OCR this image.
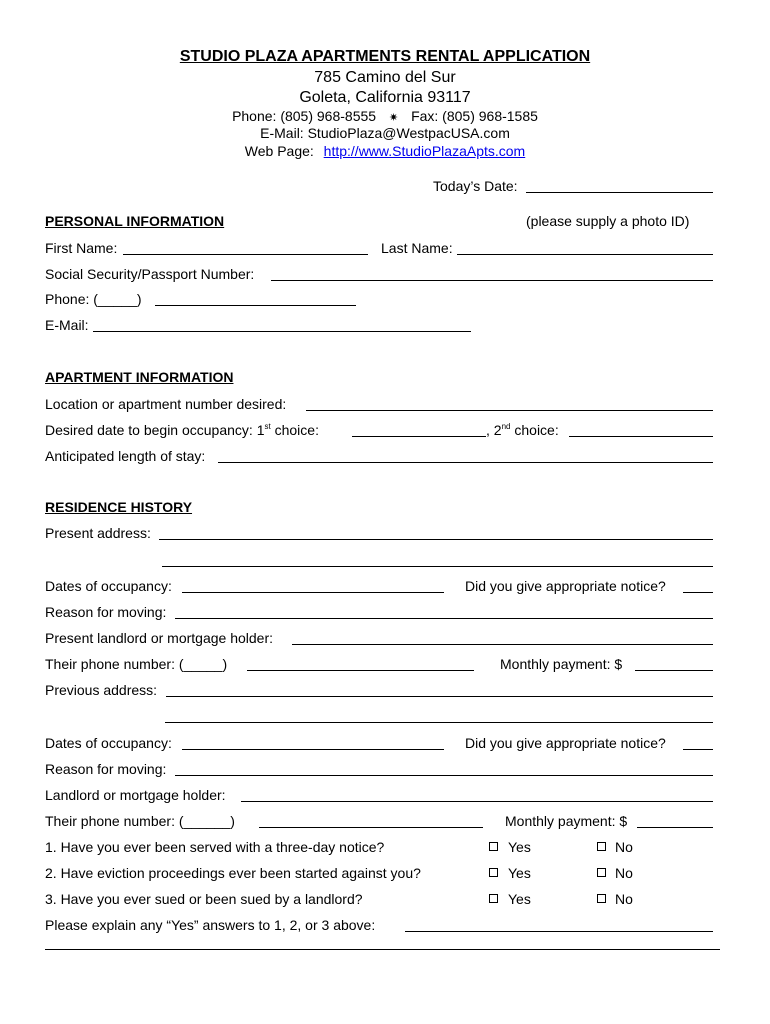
STUDIO PLAZA APARTMENTS RENTAL APPLICATION
785 Camino del Sur
Goleta, California 93117
Phone: (805) 968-8555 ✷ Fax: (805) 968-1585
E-Mail: StudioPlaza@WestpacUSA.com
Web Page: http://www.StudioPlazaApts.com
Today’s Date:
PERSONAL INFORMATION	(please supply a photo ID)
First Name:	Last Name:
Social Security/Passport Number:
Phone: (_____)
E-Mail:
APARTMENT INFORMATION
Location or apartment number desired:
Desired date to begin occupancy: 1st choice:	, 2nd choice:
Anticipated length of stay:
RESIDENCE HISTORY
Present address:
Dates of occupancy:	Did you give appropriate notice?
Reason for moving:
Present landlord or mortgage holder:
Their phone number: (_____)	Monthly payment: $
Previous address:
Dates of occupancy:	Did you give appropriate notice?
Reason for moving:
Landlord or mortgage holder:
Their phone number: (______)	Monthly payment: $
1. Have you ever been served with a three-day notice?	Yes	No
2. Have eviction proceedings ever been started against you?	Yes	No
3. Have you ever sued or been sued by a landlord?	Yes	No
Please explain any “Yes” answers to 1, 2, or 3 above:
